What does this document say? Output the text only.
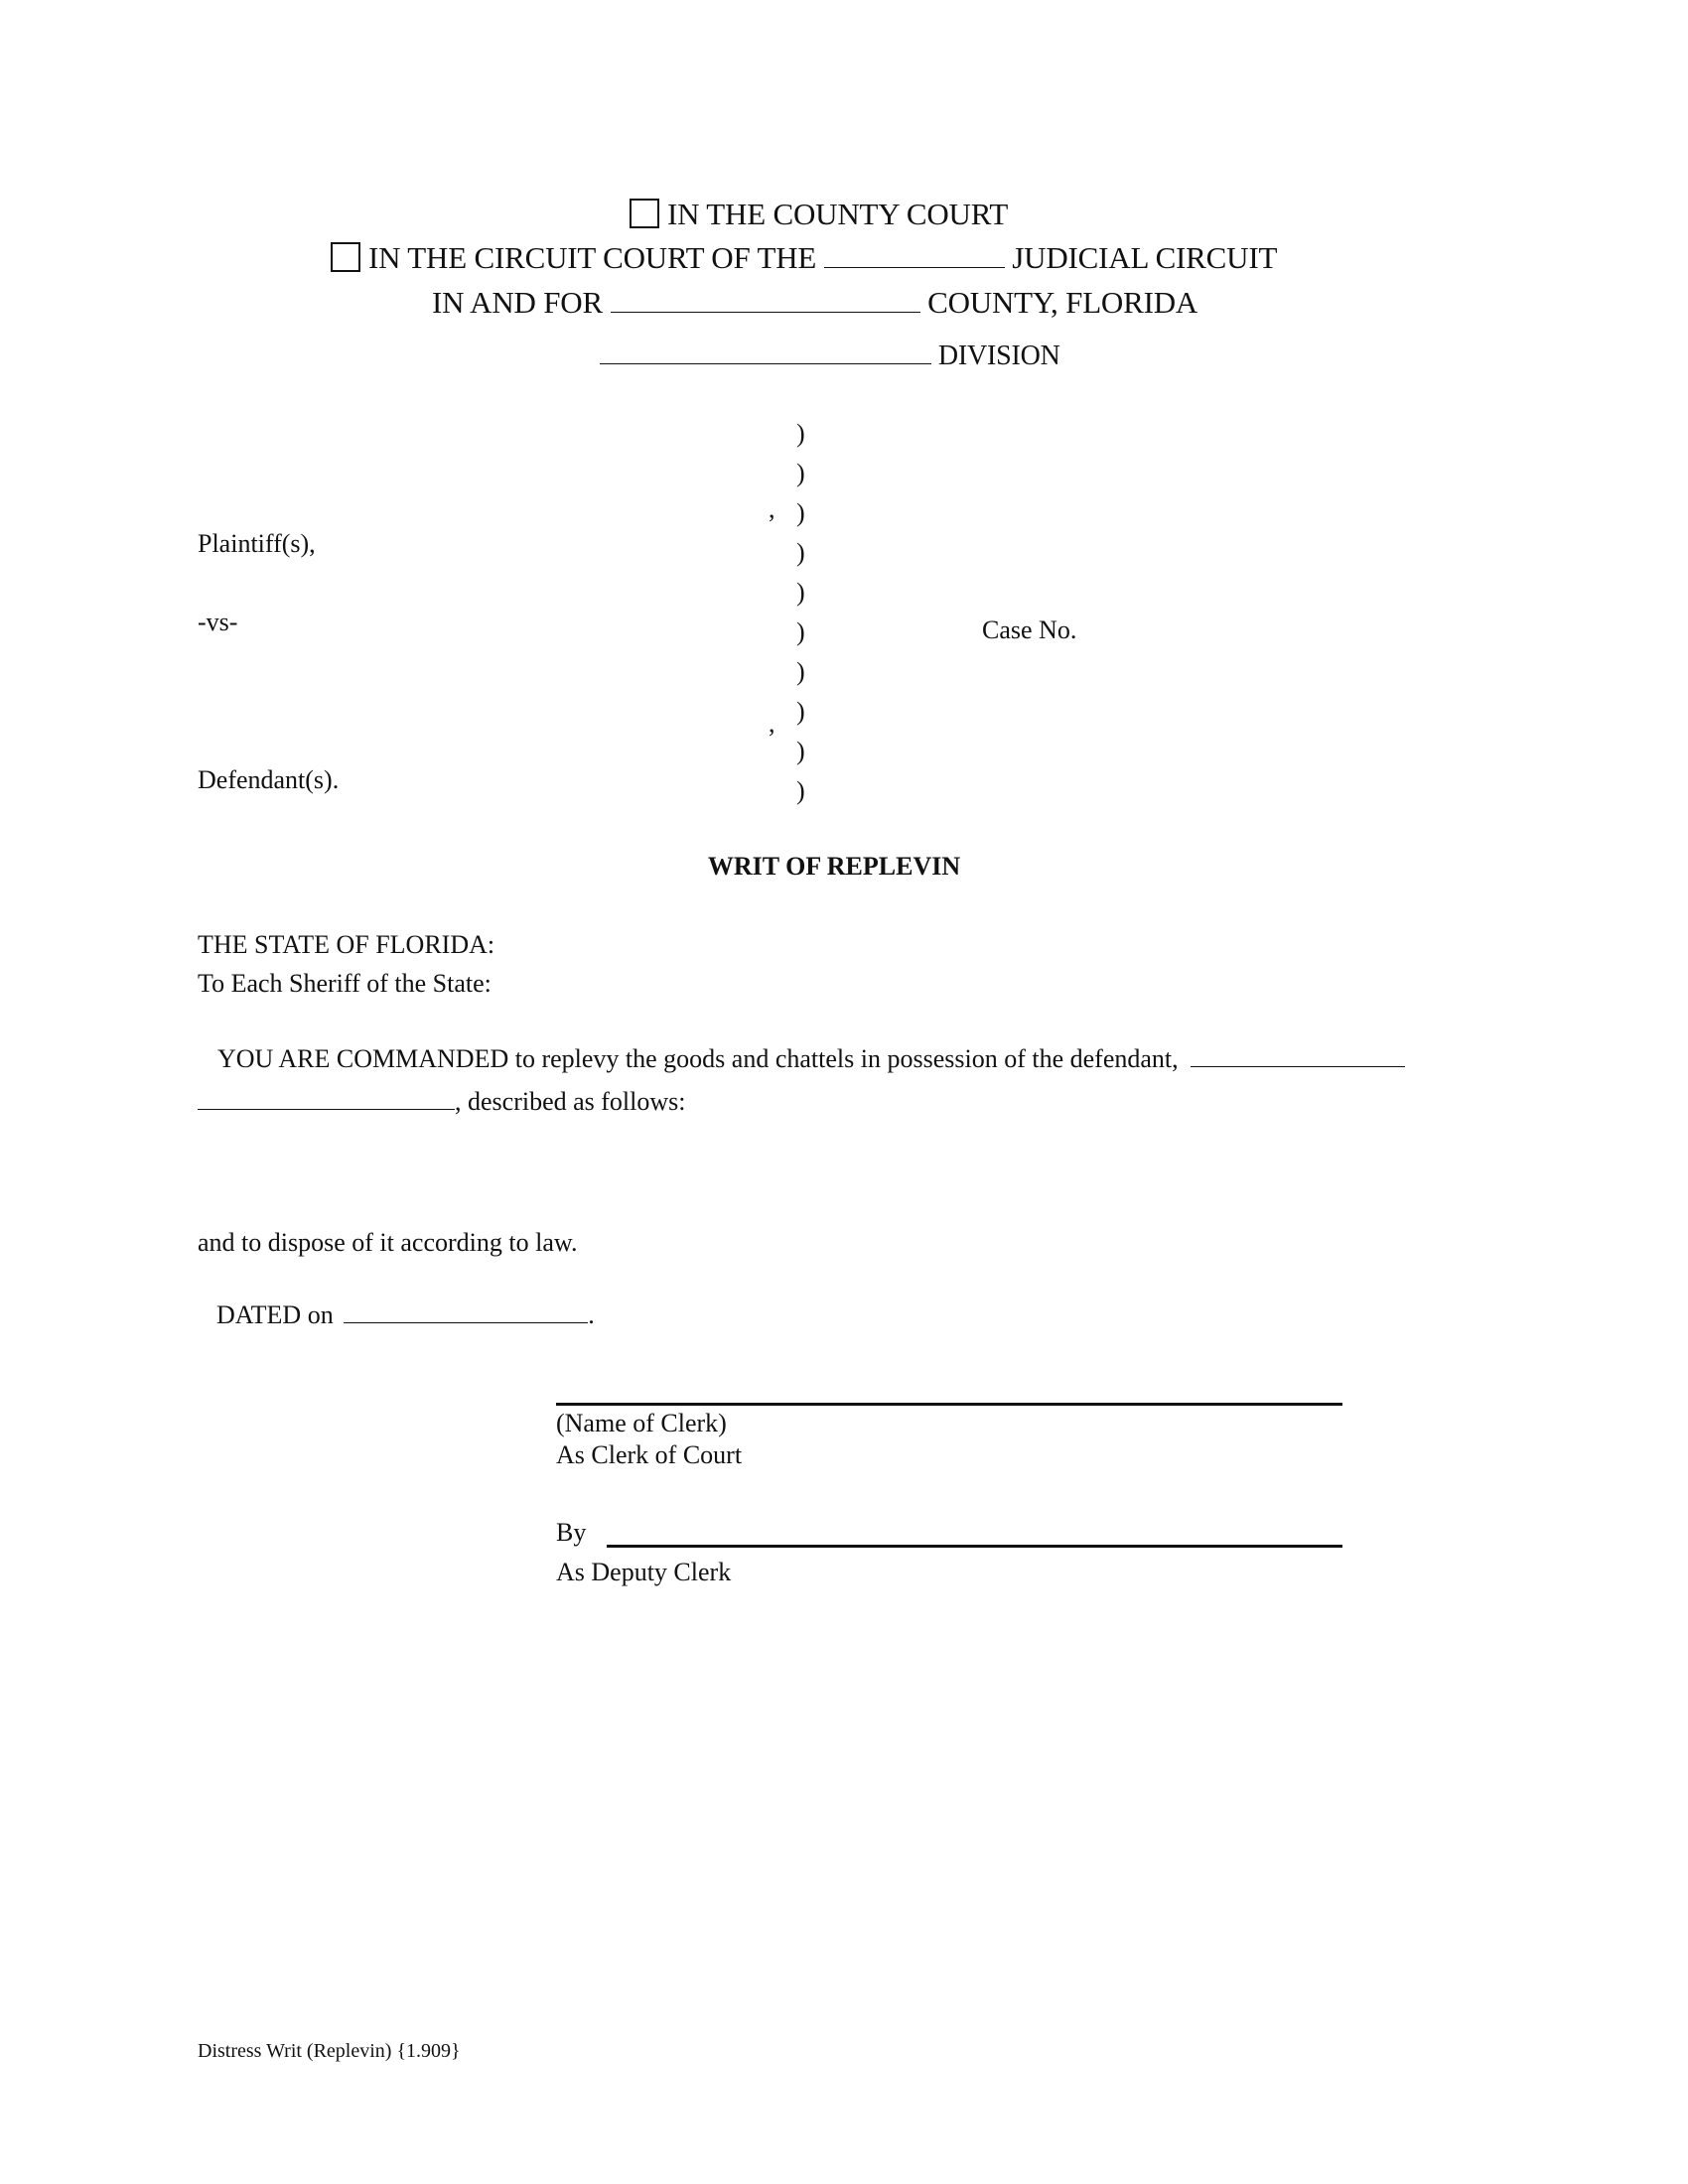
IN THE COUNTY COURT
IN THE CIRCUIT COURT OF THE	JUDICIAL CIRCUIT
IN AND FOR	COUNTY, FLORIDA
DIVISION
)
)
)
)
)
)
)
)
)
)
,
,
Plaintiff(s),
-vs-	Case No.
Defendant(s).
WRIT OF REPLEVIN
THE STATE OF FLORIDA:
To Each Sheriff of the State:
YOU ARE COMMANDED to replevy the goods and chattels in possession of the defendant,
, described as follows:
and to dispose of it according to law.
DATED on	.
(Name of Clerk)
As Clerk of Court
By
As Deputy Clerk
Distress Writ (Replevin) {1.909}
